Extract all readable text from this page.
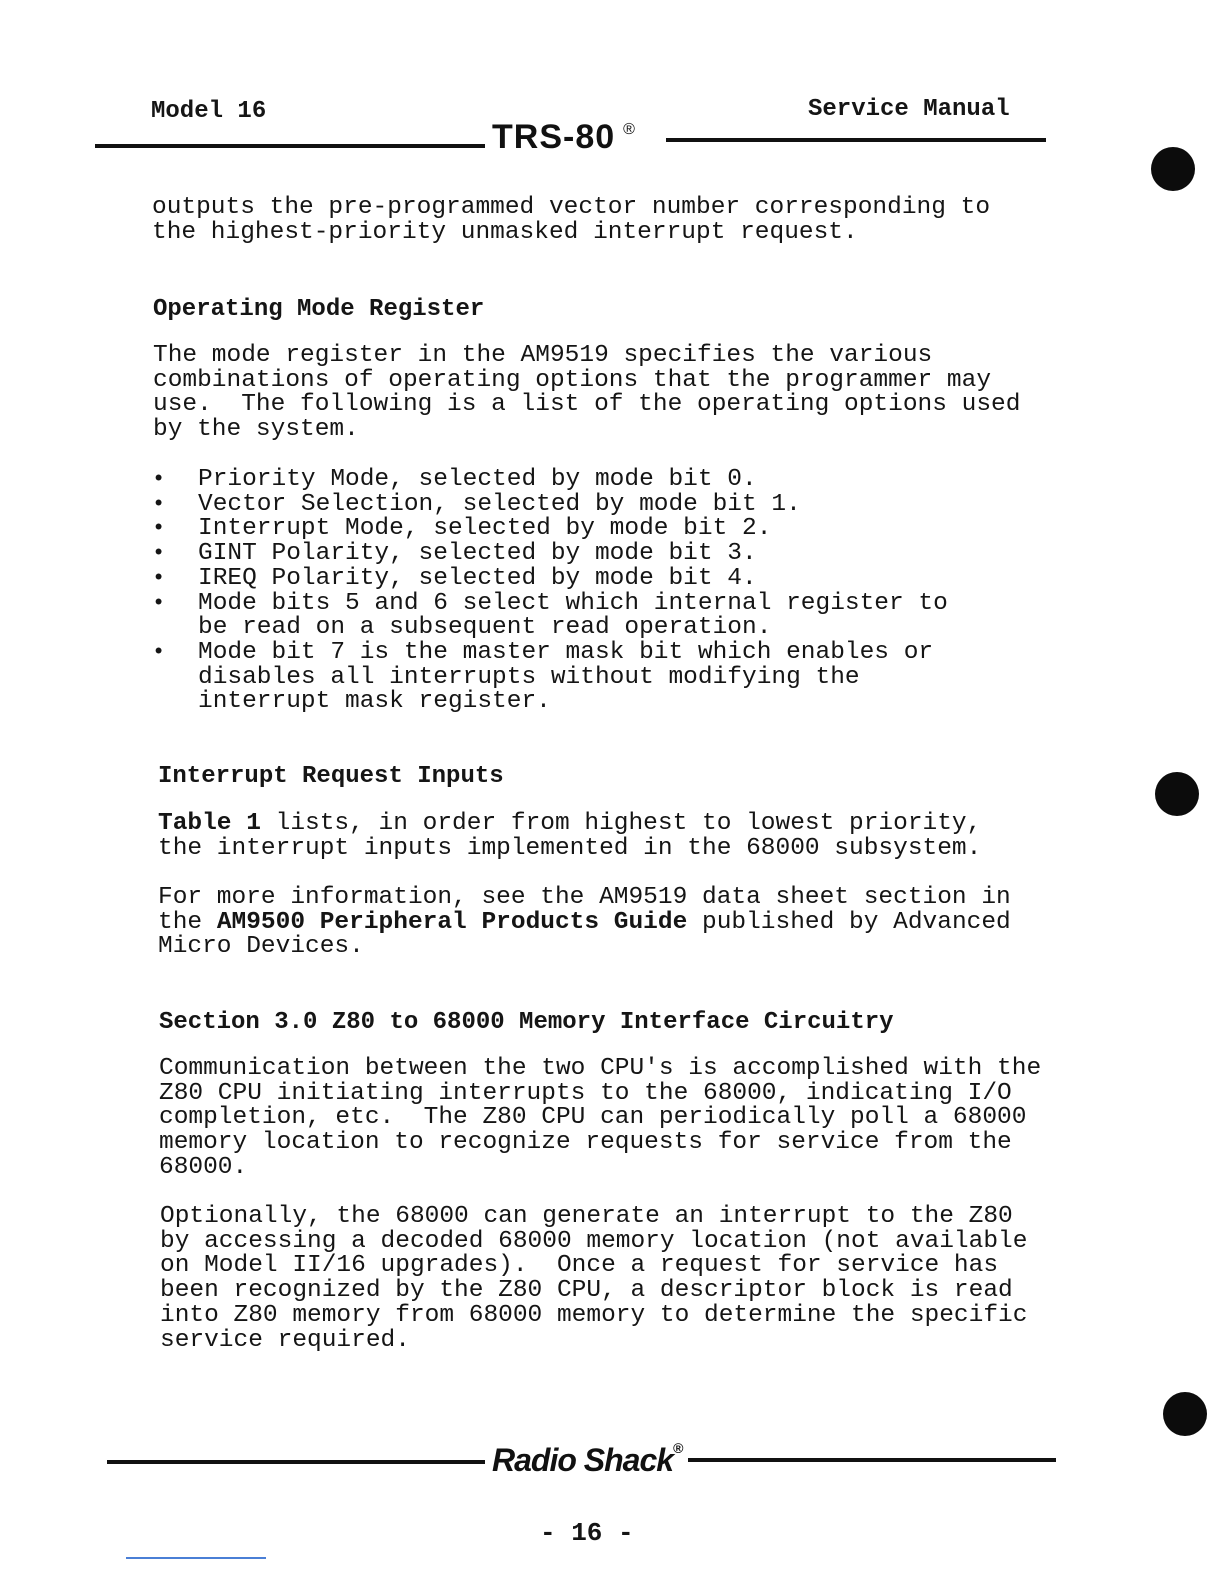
Model 16	Service Manual
TRS-80 ®

outputs the pre-programmed vector number corresponding to
the highest-priority unmasked interrupt request.

Operating Mode Register

The mode register in the AM9519 specifies the various
combinations of operating options that the programmer may
use.  The following is a list of the operating options used
by the system.

• Priority Mode, selected by mode bit 0.
• Vector Selection, selected by mode bit 1.
• Interrupt Mode, selected by mode bit 2.
• GINT Polarity, selected by mode bit 3.
• IREQ Polarity, selected by mode bit 4.
• Mode bits 5 and 6 select which internal register to
be read on a subsequent read operation.
• Mode bit 7 is the master mask bit which enables or
disables all interrupts without modifying the
interrupt mask register.
Interrupt Request Inputs

Table 1 lists, in order from highest to lowest priority,
the interrupt inputs implemented in the 68000 subsystem.

For more information, see the AM9519 data sheet section in
the AM9500 Peripheral Products Guide published by Advanced
Micro Devices.

Section 3.0 Z80 to 68000 Memory Interface Circuitry

Communication between the two CPU's is accomplished with the
Z80 CPU initiating interrupts to the 68000, indicating I/O
completion, etc.  The Z80 CPU can periodically poll a 68000
memory location to recognize requests for service from the
68000.

Optionally, the 68000 can generate an interrupt to the Z80
by accessing a decoded 68000 memory location (not available
on Model II/16 upgrades).  Once a request for service has
been recognized by the Z80 CPU, a descriptor block is read
into Z80 memory from 68000 memory to determine the specific
service required.

Radio Shack®
- 16 -
